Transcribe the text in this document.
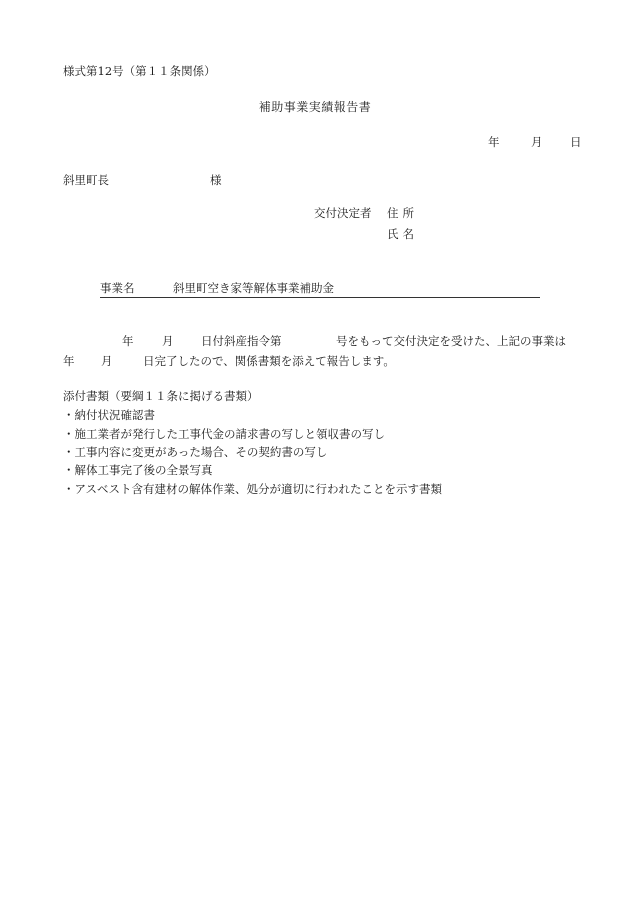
様式第12号（第１１条関係）
補助事業実績報告書
年	月 日
斜里町長	様
交付決定者 住所
氏名
事業名	斜里町空き家等解体事業補助金
年 月 日付斜産指令第	号をもって交付決定を受けた、上記の事業は
年 月	日完了したので、関係書類を添えて報告します。
添付書類（要綱１１条に掲げる書類）
・納付状況確認書
・施工業者が発行した工事代金の請求書の写しと領収書の写し
・工事内容に変更があった場合、その契約書の写し
・解体工事完了後の全景写真
・アスベスト含有建材の解体作業、処分が適切に行われたことを示す書類
